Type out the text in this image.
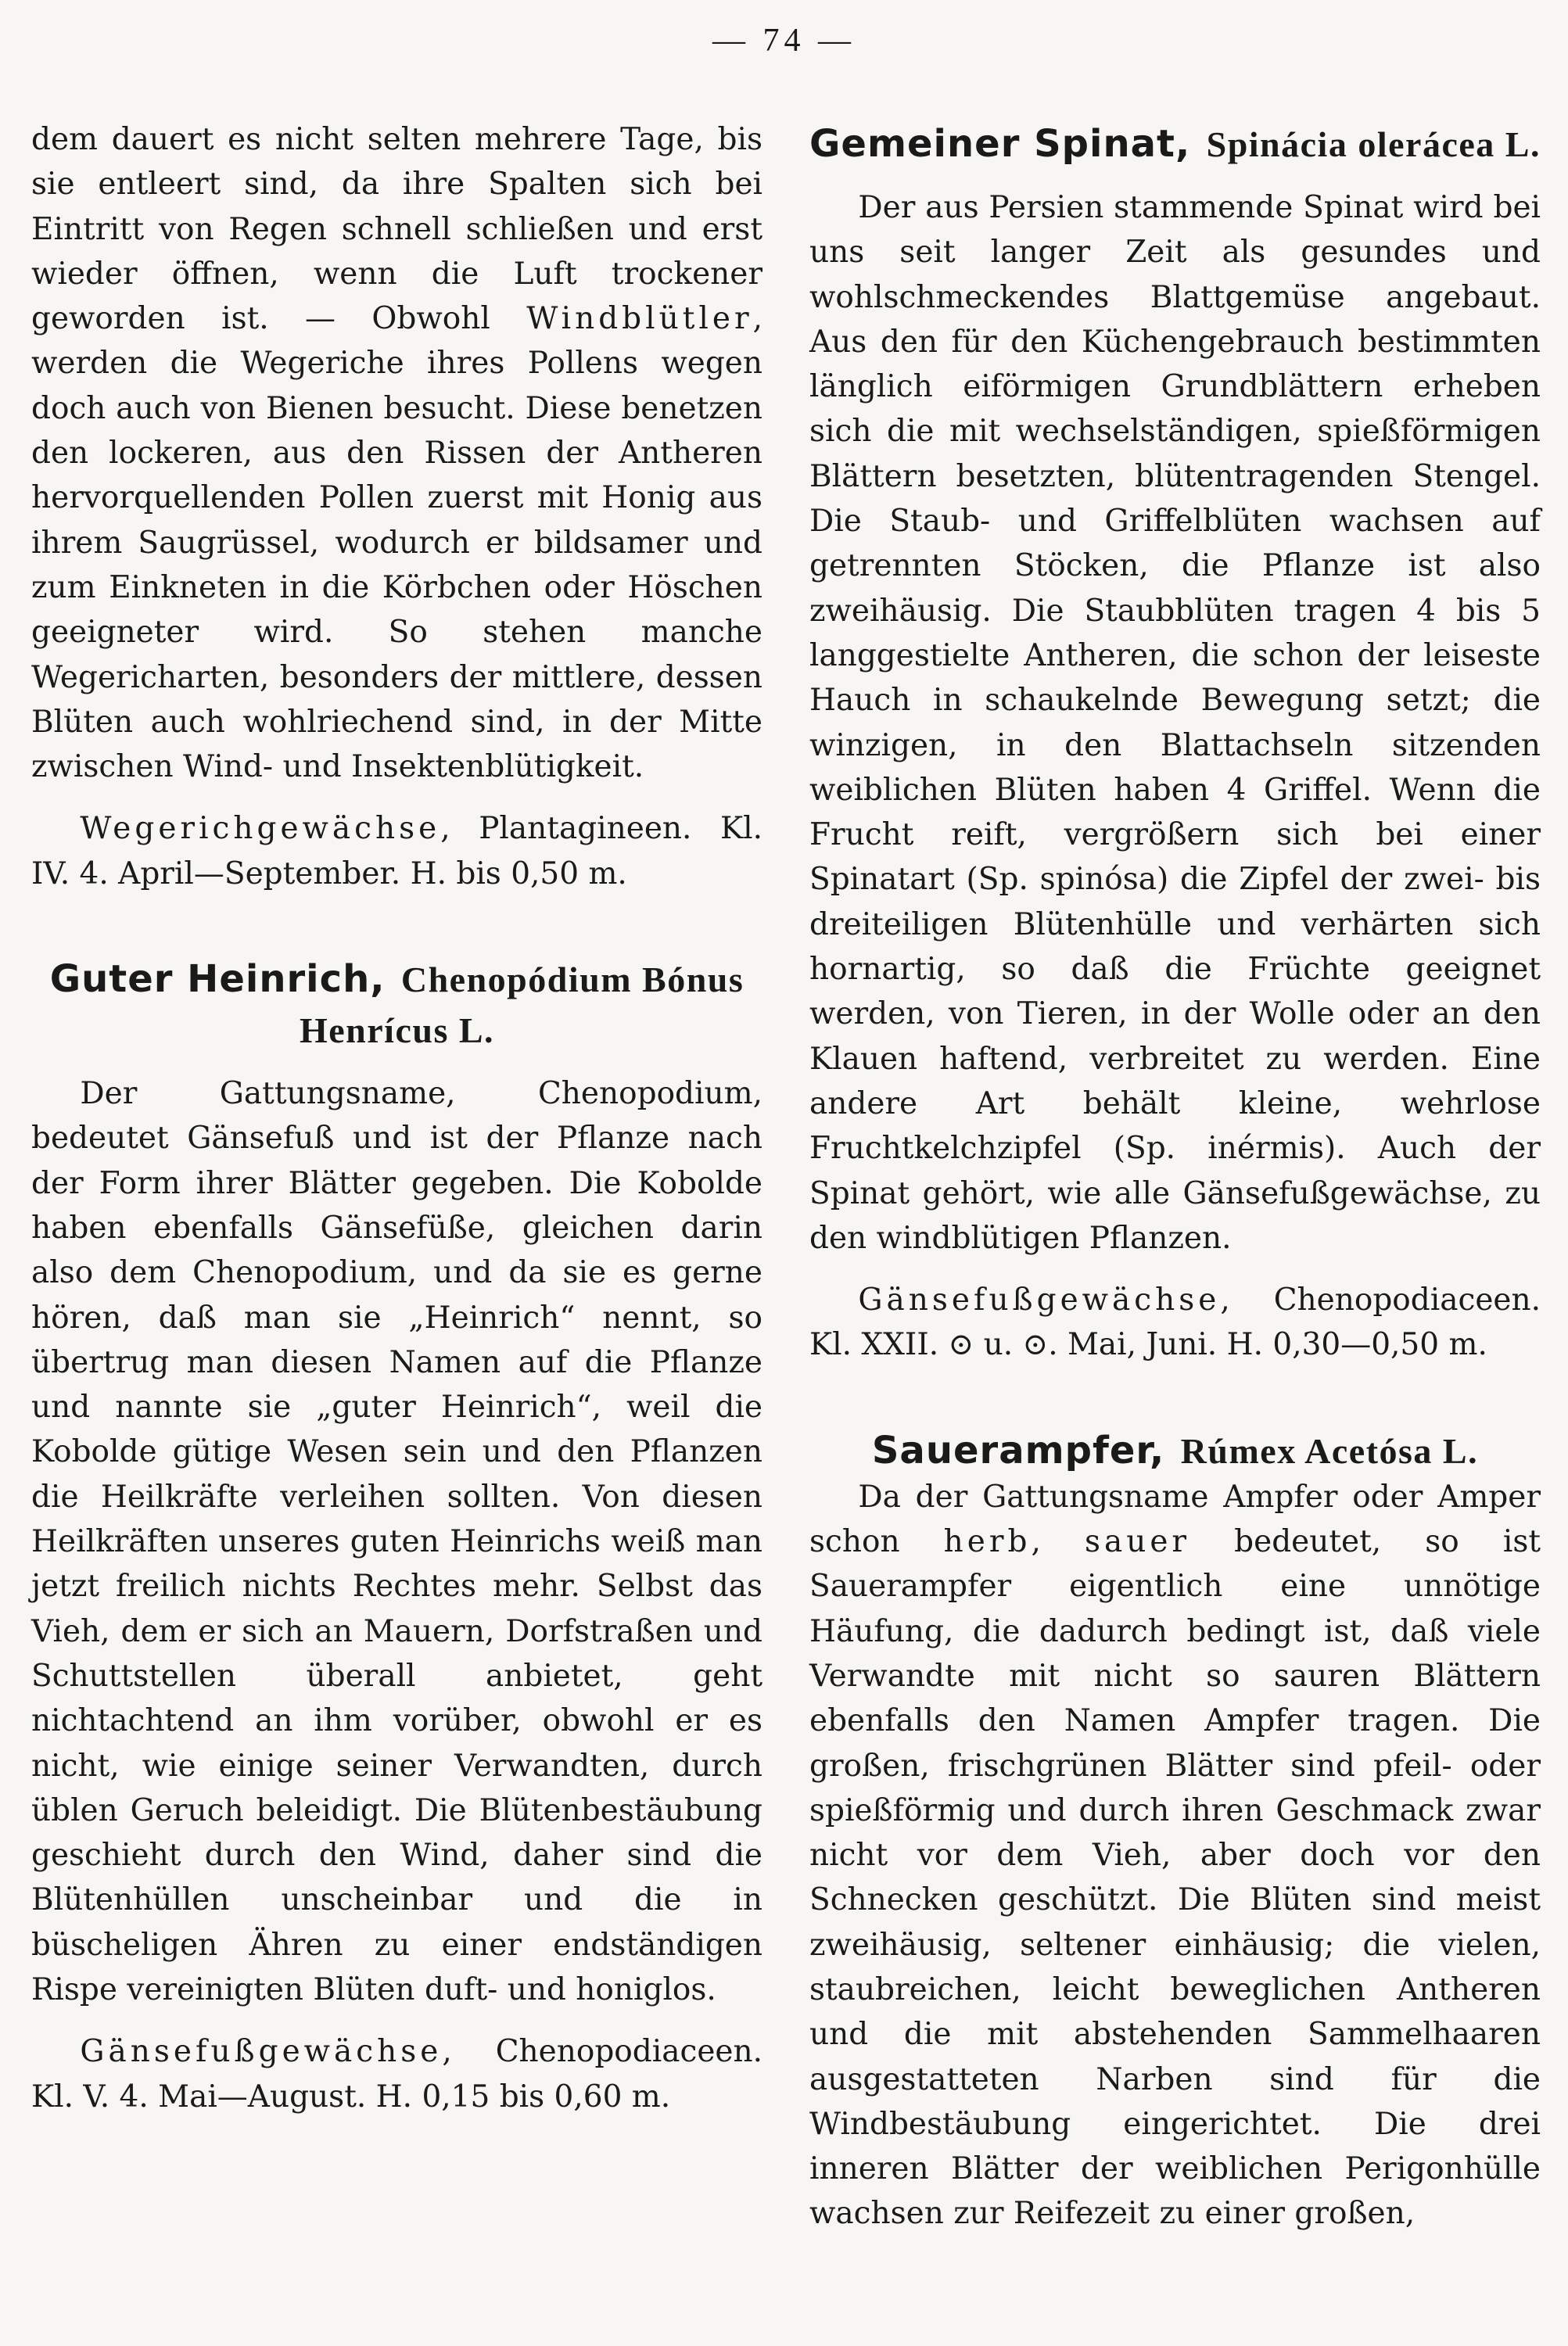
— 74 —

dem dauert es nicht selten mehrere Tage, bis sie entleert sind, da ihre Spalten sich bei Eintritt von Regen schnell schließen und erst wieder öffnen, wenn die Luft trockener geworden ist. — Obwohl Windblütler, werden die Wegeriche ihres Pollens wegen doch auch von Bienen besucht. Diese benetzen den lockeren, aus den Rissen der Antheren hervorquellenden Pollen zuerst mit Honig aus ihrem Saugrüssel, wodurch er bildsamer und zum Einkneten in die Körbchen oder Höschen geeigneter wird. So stehen manche Wegericharten, besonders der mittlere, dessen Blüten auch wohlriechend sind, in der Mitte zwischen Wind- und Insektenblütigkeit.

Wegerichgewächse, Plantagineen. Kl. IV. 4. April—September. H. bis 0,50 m.

Guter Heinrich, Chenopódium Bónus Henrícus L.

Der Gattungsname, Chenopodium, bedeutet Gänsefuß und ist der Pflanze nach der Form ihrer Blätter gegeben. Die Kobolde haben ebenfalls Gänsefüße, gleichen darin also dem Chenopodium, und da sie es gerne hören, daß man sie „Heinrich“ nennt, so übertrug man diesen Namen auf die Pflanze und nannte sie „guter Heinrich“, weil die Kobolde gütige Wesen sein und den Pflanzen die Heilkräfte verleihen sollten. Von diesen Heilkräften unseres guten Heinrichs weiß man jetzt freilich nichts Rechtes mehr. Selbst das Vieh, dem er sich an Mauern, Dorfstraßen und Schuttstellen überall anbietet, geht nichtachtend an ihm vorüber, obwohl er es nicht, wie einige seiner Verwandten, durch üblen Geruch beleidigt. Die Blütenbestäubung geschieht durch den Wind, daher sind die Blütenhüllen unscheinbar und die in büscheligen Ähren zu einer endständigen Rispe vereinigten Blüten duft- und honiglos.

Gänsefußgewächse, Chenopodiaceen. Kl. V. 4. Mai—August. H. 0,15 bis 0,60 m.

Gemeiner Spinat, Spinácia olerácea L.

Der aus Persien stammende Spinat wird bei uns seit langer Zeit als gesundes und wohlschmeckendes Blattgemüse angebaut. Aus den für den Küchengebrauch bestimmten länglich eiförmigen Grundblättern erheben sich die mit wechselständigen, spießförmigen Blättern besetzten, blütentragenden Stengel. Die Staub- und Griffelblüten wachsen auf getrennten Stöcken, die Pflanze ist also zweihäusig. Die Staubblüten tragen 4 bis 5 langgestielte Antheren, die schon der leiseste Hauch in schaukelnde Bewegung setzt; die winzigen, in den Blattachseln sitzenden weiblichen Blüten haben 4 Griffel. Wenn die Frucht reift, vergrößern sich bei einer Spinatart (Sp. spinósa) die Zipfel der zwei- bis dreiteiligen Blütenhülle und verhärten sich hornartig, so daß die Früchte geeignet werden, von Tieren, in der Wolle oder an den Klauen haftend, verbreitet zu werden. Eine andere Art behält kleine, wehrlose Fruchtkelchzipfel (Sp. inérmis). Auch der Spinat gehört, wie alle Gänsefußgewächse, zu den windblütigen Pflanzen.

Gänsefußgewächse, Chenopodiaceen. Kl. XXII. ⊙ u. ⊙. Mai, Juni. H. 0,30—0,50 m.

Sauerampfer, Rúmex Acetósa L.

Da der Gattungsname Ampfer oder Amper schon herb, sauer bedeutet, so ist Sauerampfer eigentlich eine unnötige Häufung, die dadurch bedingt ist, daß viele Verwandte mit nicht so sauren Blättern ebenfalls den Namen Ampfer tragen. Die großen, frischgrünen Blätter sind pfeil- oder spießförmig und durch ihren Geschmack zwar nicht vor dem Vieh, aber doch vor den Schnecken geschützt. Die Blüten sind meist zweihäusig, seltener einhäusig; die vielen, staubreichen, leicht beweglichen Antheren und die mit abstehenden Sammelhaaren ausgestatteten Narben sind für die Windbestäubung eingerichtet. Die drei inneren Blätter der weiblichen Perigonhülle wachsen zur Reifezeit zu einer großen,
